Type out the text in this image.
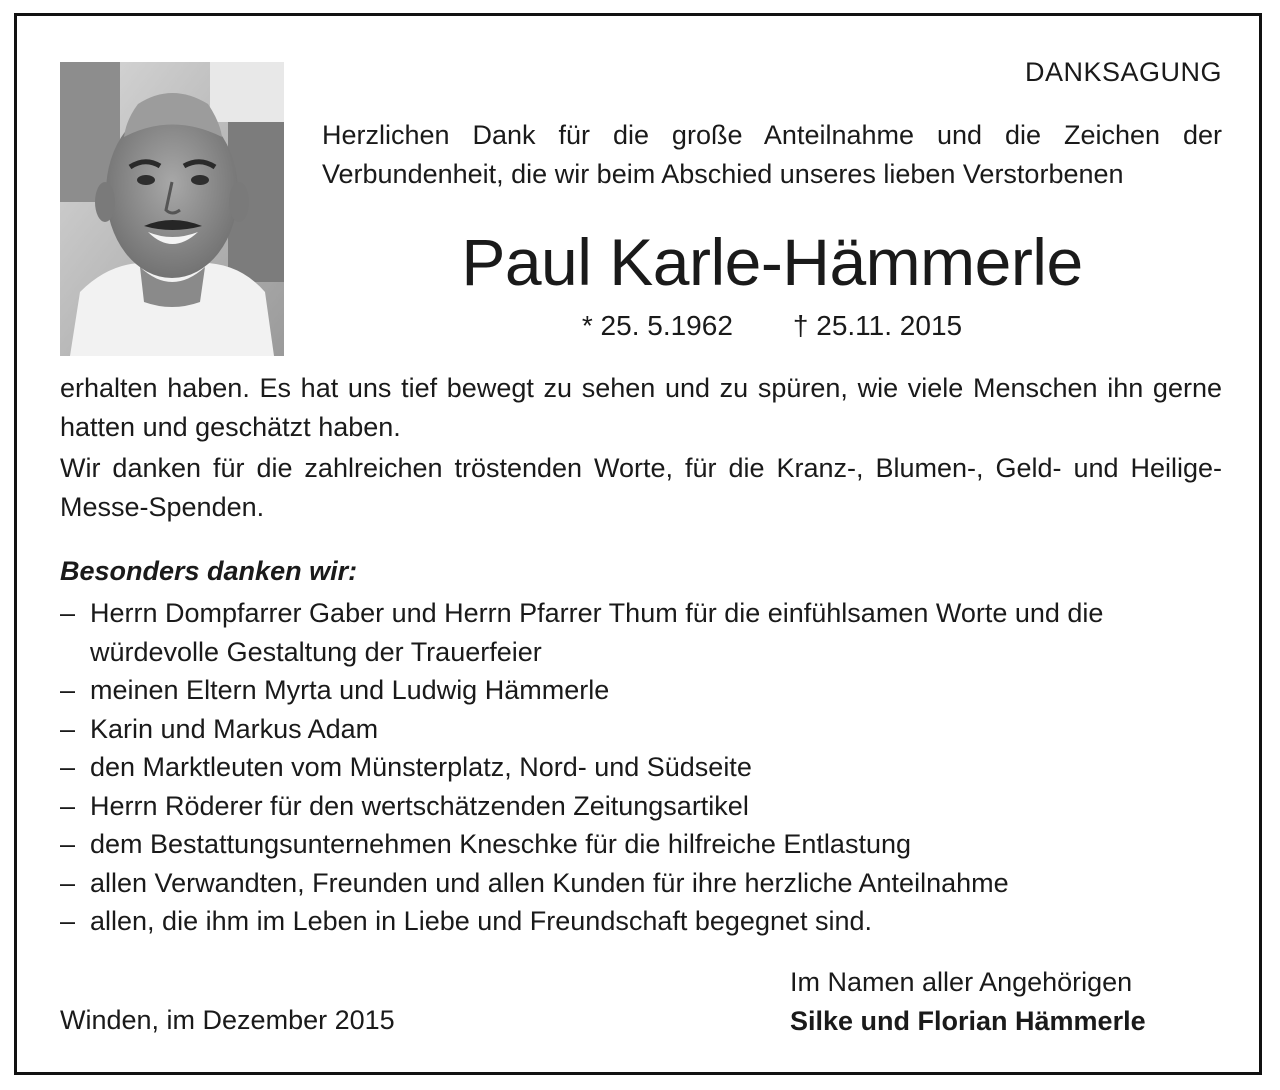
DANKSAGUNG

Herzlichen Dank für die große Anteilnahme und die Zeichen der Verbundenheit, die wir beim Abschied unseres lieben Verstorbenen

Paul Karle-Hämmerle
* 25. 5.1962 † 25.11. 2015

erhalten haben. Es hat uns tief bewegt zu sehen und zu spüren, wie viele Menschen ihn gerne hatten und geschätzt haben.

Wir danken für die zahlreichen tröstenden Worte, für die Kranz-, Blumen-, Geld- und Heilige-Messe-Spenden.

Besonders danken wir:
– Herrn Dompfarrer Gaber und Herrn Pfarrer Thum für die einfühlsamen Worte und die würdevolle Gestaltung der Trauerfeier
– meinen Eltern Myrta und Ludwig Hämmerle
– Karin und Markus Adam
– den Marktleuten vom Münsterplatz, Nord- und Südseite
– Herrn Röderer für den wertschätzenden Zeitungsartikel
– dem Bestattungsunternehmen Kneschke für die hilfreiche Entlastung
– allen Verwandten, Freunden und allen Kunden für ihre herzliche Anteilnahme
– allen, die ihm im Leben in Liebe und Freundschaft begegnet sind.
Winden, im Dezember 2015
Im Namen aller Angehörigen
Silke und Florian Hämmerle
